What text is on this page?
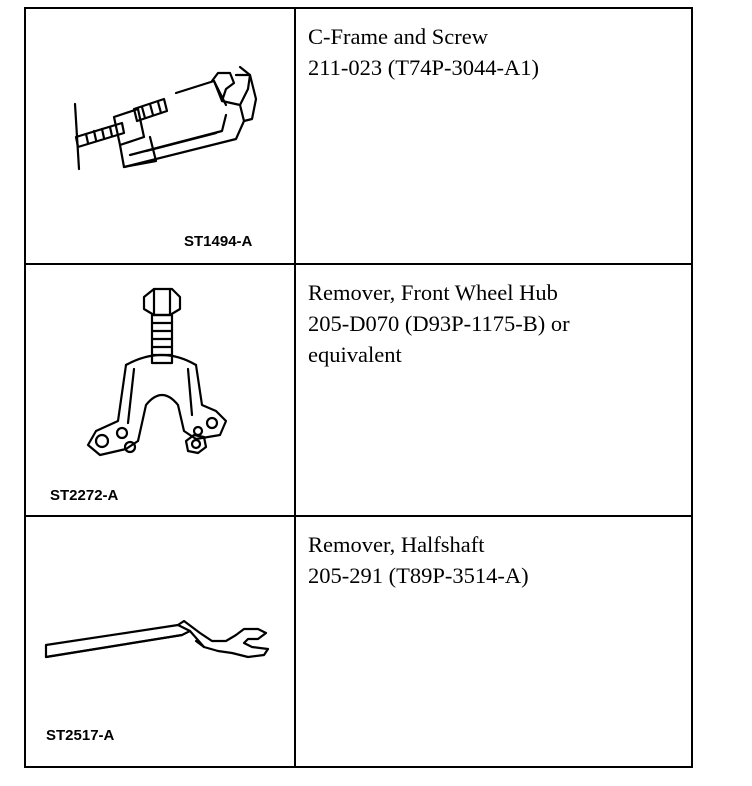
ST1494-A	C-Frame and Screw
211-023 (T74P-3044-A1)

ST2272-A	Remover, Front Wheel Hub
205-D070 (D93P-1175-B) or
equivalent

ST2517-A	Remover, Halfshaft
205-291 (T89P-3514-A)
